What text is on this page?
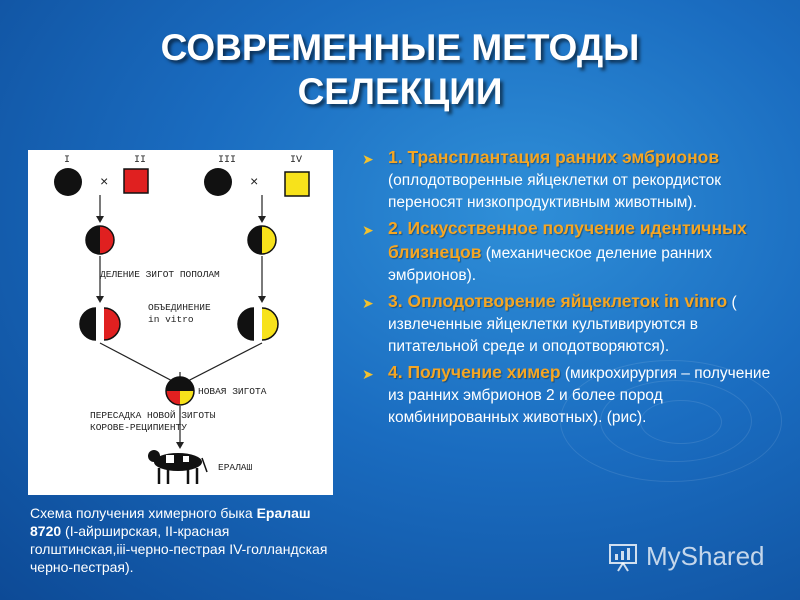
СОВРЕМЕННЫЕ МЕТОДЫ
СЕЛЕКЦИИ
I	II	III	IV
×	×
ДЕЛЕНИЕ ЗИГОТ ПОПОЛАМ
ОБЪЕДИНЕНИЕ
in vitro
НОВАЯ ЗИГОТА
ПЕРЕСАДКА НОВОЙ ЗИГОТЫ
КОРОВЕ-РЕЦИПИЕНТУ
ЕРАЛАШ
Схема получения химерного быка Ералаш 8720 (I-айрширская, II-красная голштинская,iii-черно-пестрая IV-голландская черно-пестрая).
➤ 1. Трансплантация ранних эмбрионов (оплодотворенные яйцеклетки от рекордисток переносят низкопродуктивным животным).
➤ 2. Искусственное получение идентичных близнецов (механическое деление ранних эмбрионов).
➤ 3. Оплодотворение яйцеклеток in vinro ( извлеченные яйцеклетки культивируются в питательной среде и оподотворяются).
➤ 4. Получение химер (микрохирургия – получение из ранних эмбрионов 2 и более пород комбинированных животных). (рис).
MyShared
